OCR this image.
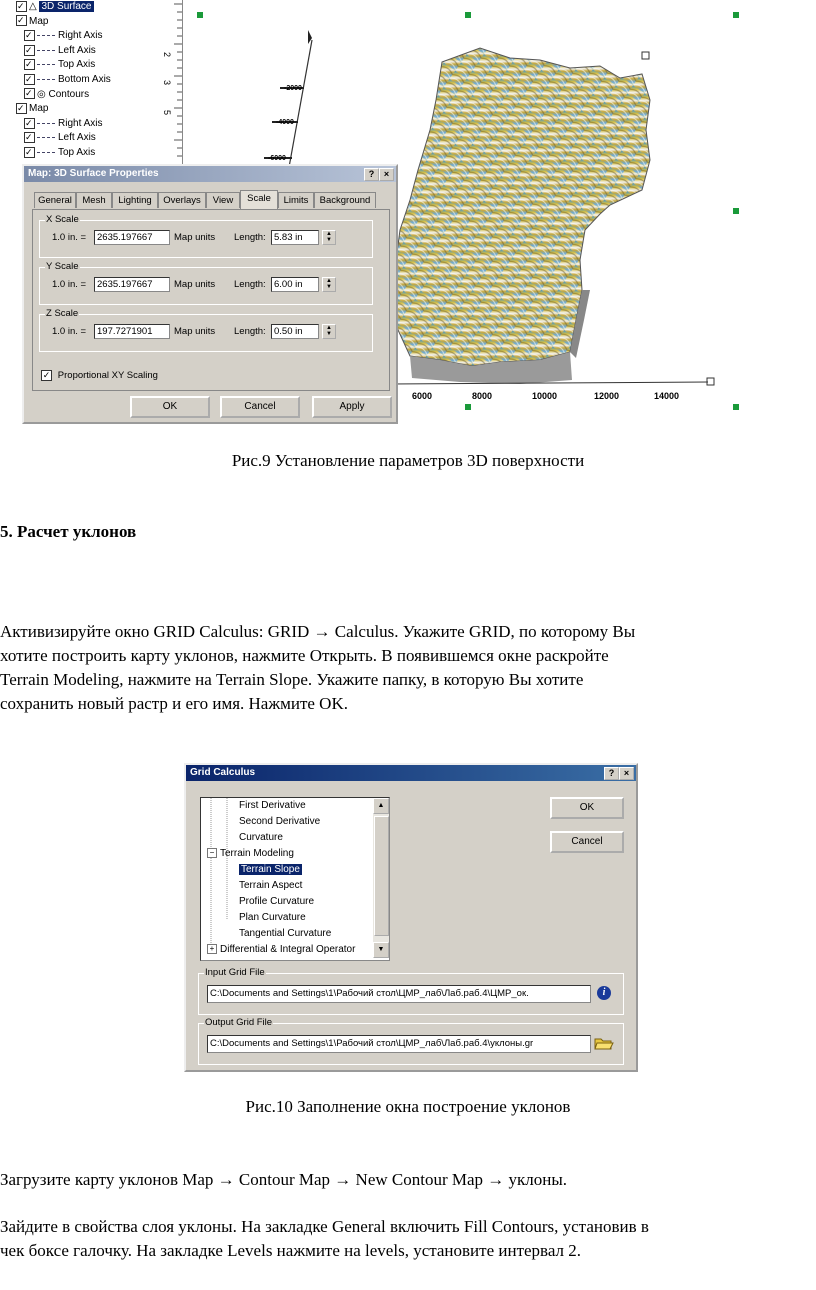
✓△ 3D Surface
✓Map
✓Right Axis
✓Left Axis
✓Top Axis
✓Bottom Axis
✓◎ Contours
✓Map
✓Right Axis
✓Left Axis
✓Top Axis
2
3
5
-2000
-4000
-6000
6000	8000	10000	12000	14000
Map: 3D Surface Properties	?	×
General	Mesh	Lighting	Overlays	View	Scale	Limits	Background
X Scale
1.0 in. =	2635.197667	Map units Length: 5.83 in	▲
▼
Y Scale
1.0 in. =	2635.197667	Map units Length: 6.00 in	▲
▼
Z Scale
1.0 in. =	197.7271901	Map units Length: 0.50 in	▲
▼
✓ Proportional XY Scaling
OK	Cancel	Apply
Рис.9 Установление параметров 3D поверхности
5. Расчет уклонов
Активизируйте окно GRID Calculus: GRID → Calculus. Укажите GRID, по которому Вы
хотите построить карту уклонов, нажмите Открыть. В появившемся окне раскройте
Terrain Modeling, нажмите на Terrain Slope. Укажите папку, в которую Вы хотите
сохранить новый растр и его имя. Нажмите OK.
Grid Calculus	?	×
First Derivative
Second Derivative
Curvature
− Terrain Modeling
Terrain Slope
Terrain Aspect
Profile Curvature
Plan Curvature
Tangential Curvature
+ Differential & Integral Operator
▲
▼
OK
Cancel
Input Grid File
C:\Documents and Settings\1\Рабочий стол\ЦМР_лаб\Лаб.раб.4\ЦМР_ок.	i
Output Grid File
C:\Documents and Settings\1\Рабочий стол\ЦМР_лаб\Лаб.раб.4\уклоны.gr
Рис.10 Заполнение окна построение уклонов
Загрузите карту уклонов Map → Contour Map → New Contour Map → уклоны.
Зайдите в свойства слоя уклоны. На закладке General включить Fill Contours, установив в
чек боксе галочку. На закладке Levels нажмите на levels, установите интервал 2.
